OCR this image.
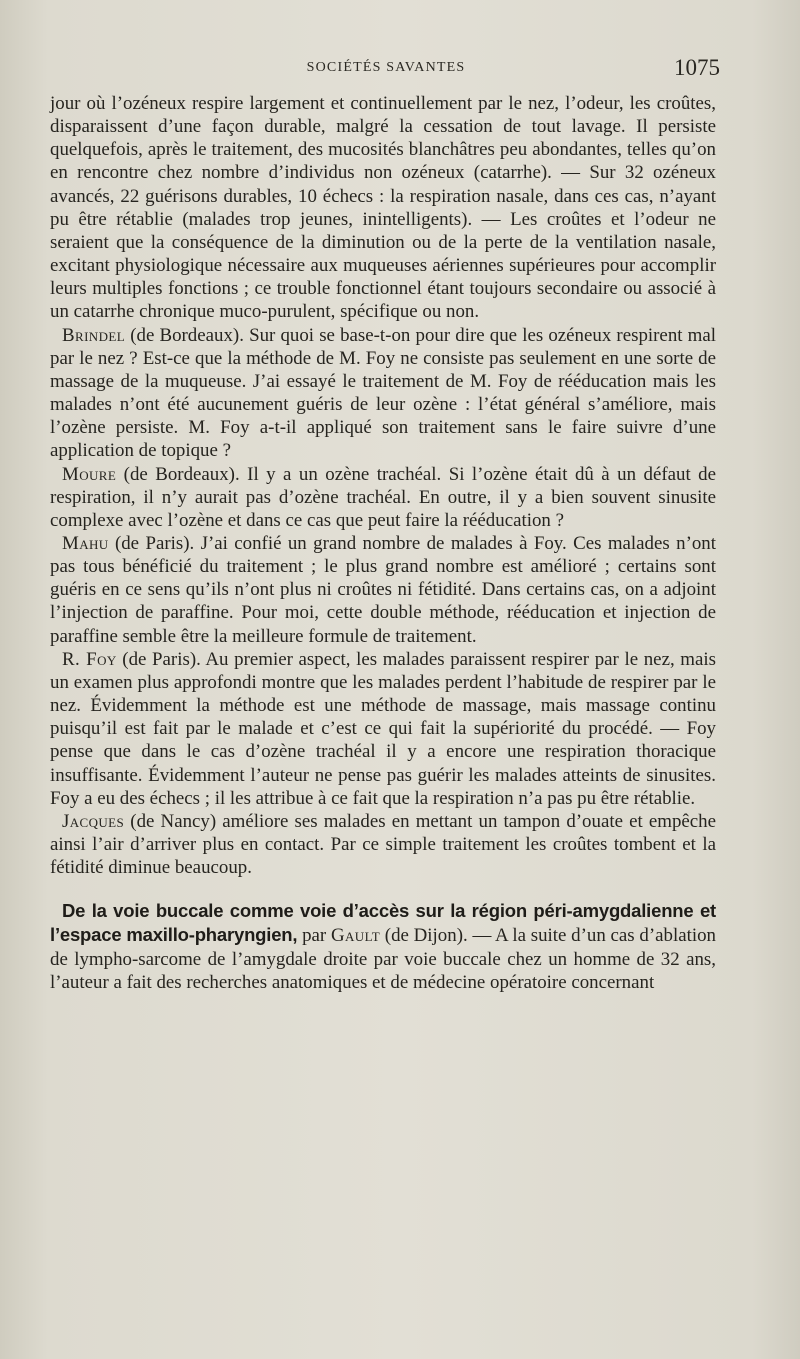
SOCIÉTÉS SAVANTES	1075

jour où l’ozéneux respire largement et continuellement par le nez, l’odeur, les croûtes, disparaissent d’une façon durable, malgré la cessation de tout lavage. Il persiste quelquefois, après le traitement, des mucosités blanchâtres peu abondantes, telles qu’on en rencontre chez nombre d’individus non ozéneux (catarrhe). — Sur 32 ozéneux avancés, 22 guérisons durables, 10 échecs : la respiration nasale, dans ces cas, n’ayant pu être rétablie (malades trop jeunes, inintelligents). — Les croûtes et l’odeur ne seraient que la conséquence de la diminution ou de la perte de la ventilation nasale, excitant physiologique nécessaire aux muqueuses aériennes supérieures pour accomplir leurs multiples fonctions ; ce trouble fonctionnel étant toujours secondaire ou associé à un catarrhe chronique muco-purulent, spécifique ou non.

Brindel (de Bordeaux). Sur quoi se base-t-on pour dire que les ozéneux respirent mal par le nez ? Est-ce que la méthode de M. Foy ne consiste pas seulement en une sorte de massage de la muqueuse. J’ai essayé le traitement de M. Foy de rééducation mais les malades n’ont été aucunement guéris de leur ozène : l’état général s’améliore, mais l’ozène persiste. M. Foy a-t-il appliqué son traitement sans le faire suivre d’une application de topique ?

Moure (de Bordeaux). Il y a un ozène trachéal. Si l’ozène était dû à un défaut de respiration, il n’y aurait pas d’ozène trachéal. En outre, il y a bien souvent sinusite complexe avec l’ozène et dans ce cas que peut faire la rééducation ?

Mahu (de Paris). J’ai confié un grand nombre de malades à Foy. Ces malades n’ont pas tous bénéficié du traitement ; le plus grand nombre est amélioré ; certains sont guéris en ce sens qu’ils n’ont plus ni croûtes ni fétidité. Dans certains cas, on a adjoint l’injection de paraffine. Pour moi, cette double méthode, rééducation et injection de paraffine semble être la meilleure formule de traitement.

R. Foy (de Paris). Au premier aspect, les malades paraissent respirer par le nez, mais un examen plus approfondi montre que les malades perdent l’habitude de respirer par le nez. Évidemment la méthode est une méthode de massage, mais massage continu puisqu’il est fait par le malade et c’est ce qui fait la supériorité du procédé. — Foy pense que dans le cas d’ozène trachéal il y a encore une respiration thoracique insuffisante. Évidemment l’auteur ne pense pas guérir les malades atteints de sinusites. Foy a eu des échecs ; il les attribue à ce fait que la respiration n’a pas pu être rétablie.

Jacques (de Nancy) améliore ses malades en mettant un tampon d’ouate et empêche ainsi l’air d’arriver plus en contact. Par ce simple traitement les croûtes tombent et la fétidité diminue beaucoup.

De la voie buccale comme voie d’accès sur la région péri-amygdalienne et l’espace maxillo-pharyngien, par Gault (de Dijon). — A la suite d’un cas d’ablation de lympho-sarcome de l’amygdale droite par voie buccale chez un homme de 32 ans, l’auteur a fait des recherches anatomiques et de médecine opératoire concernant
